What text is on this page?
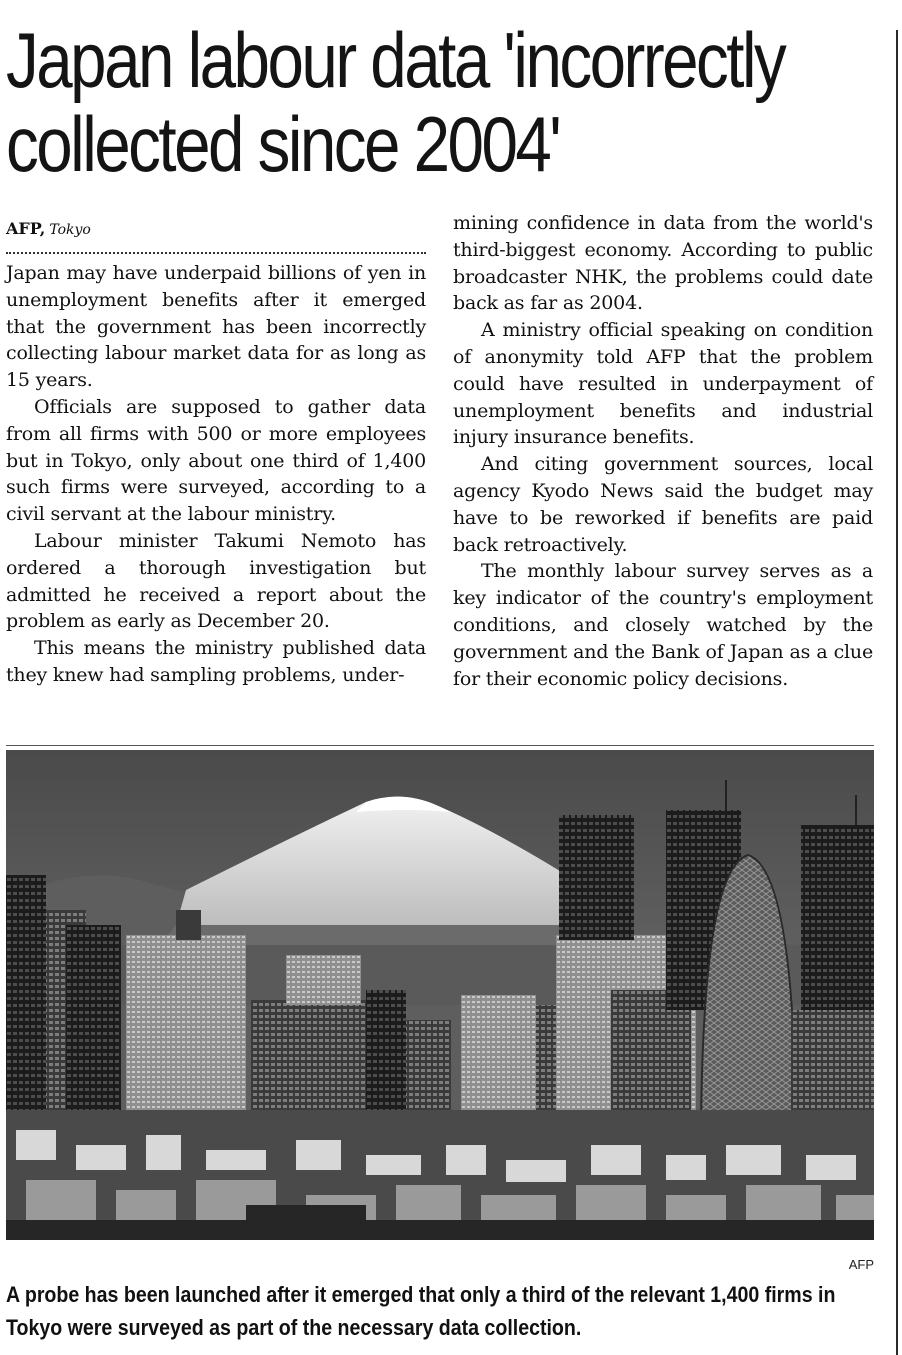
Japan labour data 'incorrectly collected since 2004'
AFP, Tokyo

Japan may have underpaid billions of yen in unemployment benefits after it emerged that the government has been incorrectly collecting labour market data for as long as 15 years.

Officials are supposed to gather data from all firms with 500 or more employees but in Tokyo, only about one third of 1,400 such firms were surveyed, according to a civil servant at the labour ministry.

Labour minister Takumi Nemoto has ordered a thorough investigation but admitted he received a report about the problem as early as December 20.

This means the ministry published data they knew had sampling problems, under-

mining confidence in data from the world's third-biggest economy. According to public broadcaster NHK, the problems could date back as far as 2004.

A ministry official speaking on condition of anonymity told AFP that the problem could have resulted in underpayment of unemployment benefits and industrial injury insurance benefits.

And citing government sources, local agency Kyodo News said the budget may have to be reworked if benefits are paid back retroactively.

The monthly labour survey serves as a key indicator of the country's employment conditions, and closely watched by the government and the Bank of Japan as a clue for their economic policy decisions.

AFP
A probe has been launched after it emerged that only a third of the relevant 1,400 firms in Tokyo were surveyed as part of the necessary data collection.
